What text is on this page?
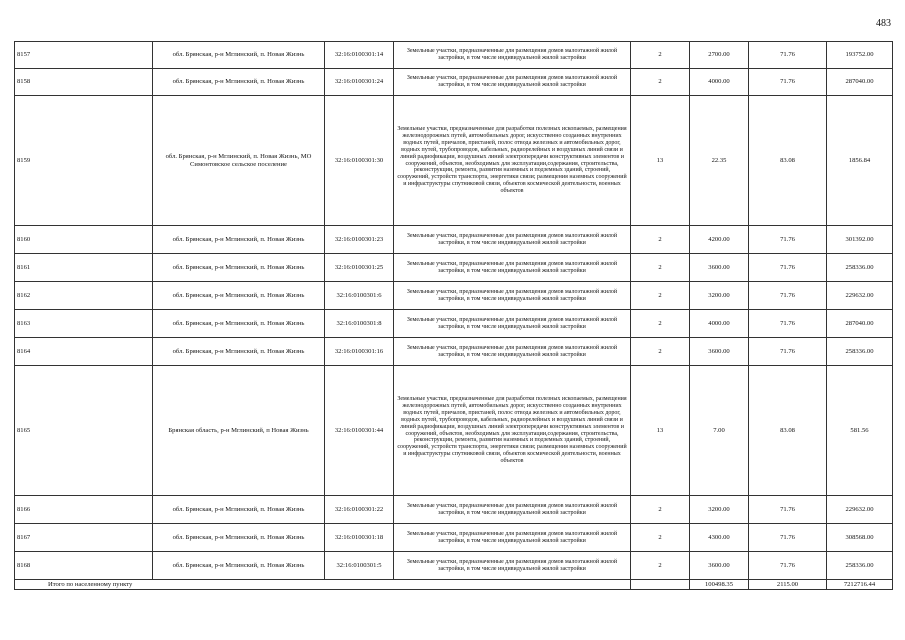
483
8157	обл. Брянская, р-н Мглинский, п. Новая Жизнь	32:16:0100301:14	Земельные участки, предназначенные для размещения домов малоэтажной жилой застройки, в том числе индивидуальной жилой застройки	2	2700.00	71.76	193752.00
8158	обл. Брянская, р-н Мглинский, п. Новая Жизнь	32:16:0100301:24	Земельные участки, предназначенные для размещения домов малоэтажной жилой застройки, в том числе индивидуальной жилой застройки	2	4000.00	71.76	287040.00
8159	обл. Брянская, р-н Мглинский, п. Новая Жизнь, МО Симонтовское сельское поселение	32:16:0100301:30	Земельные участки, предназначенные для разработки полезных ископаемых, размещения железнодорожных путей, автомобильных дорог, искусственно созданных внутренних водных путей, причалов, пристаней, полос отвода железных и автомобильных дорог, водных путей, трубопроводов, кабельных, радиорелейных и воздушных линий связи и линий радиофикации, воздушных линий электропередачи конструктивных элементов и сооружений, объектов, необходимых для эксплуатации,содержания, строительства, реконструкции, ремонта, развития наземных и подземных зданий, строений, сооружений, устройств транспорта, энергетики связи; размещения наземных сооружений и инфраструктуры спутниковой связи, объектов космической деятельности, военных объектов	13	22.35	83.08	1856.84
8160	обл. Брянская, р-н Мглинский, п. Новая Жизнь	32:16:0100301:23	Земельные участки, предназначенные для размещения домов малоэтажной жилой застройки, в том числе индивидуальной жилой застройки	2	4200.00	71.76	301392.00
8161	обл. Брянская, р-н Мглинский, п. Новая Жизнь	32:16:0100301:25	Земельные участки, предназначенные для размещения домов малоэтажной жилой застройки, в том числе индивидуальной жилой застройки	2	3600.00	71.76	258336.00
8162	обл. Брянская, р-н Мглинский, п. Новая Жизнь	32:16:0100301:6	Земельные участки, предназначенные для размещения домов малоэтажной жилой застройки, в том числе индивидуальной жилой застройки	2	3200.00	71.76	229632.00
8163	обл. Брянская, р-н Мглинский, п. Новая Жизнь	32:16:0100301:8	Земельные участки, предназначенные для размещения домов малоэтажной жилой застройки, в том числе индивидуальной жилой застройки	2	4000.00	71.76	287040.00
8164	обл. Брянская, р-н Мглинский, п. Новая Жизнь	32:16:0100301:16	Земельные участки, предназначенные для размещения домов малоэтажной жилой застройки, в том числе индивидуальной жилой застройки	2	3600.00	71.76	258336.00
8165	Брянская область, р-н Мглинский, п Новая Жизнь	32:16:0100301:44	Земельные участки, предназначенные для разработки полезных ископаемых, размещения железнодорожных путей, автомобильных дорог, искусственно созданных внутренних водных путей, причалов, пристаней, полос отвода железных и автомобильных дорог, водных путей, трубопроводов, кабельных, радиорелейных и воздушных линий связи и линий радиофикации, воздушных линий электропередачи конструктивных элементов и сооружений, объектов, необходимых для эксплуатации,содержания, строительства, реконструкции, ремонта, развития наземных и подземных зданий, строений, сооружений, устройств транспорта, энергетики связи; размещения наземных сооружений и инфраструктуры спутниковой связи, объектов космической деятельности, военных объектов	13	7.00	83.08	581.56
8166	обл. Брянская, р-н Мглинский, п. Новая Жизнь	32:16:0100301:22	Земельные участки, предназначенные для размещения домов малоэтажной жилой застройки, в том числе индивидуальной жилой застройки	2	3200.00	71.76	229632.00
8167	обл. Брянская, р-н Мглинский, п. Новая Жизнь	32:16:0100301:18	Земельные участки, предназначенные для размещения домов малоэтажной жилой застройки, в том числе индивидуальной жилой застройки	2	4300.00	71.76	308568.00
8168	обл. Брянская, р-н Мглинский, п. Новая Жизнь	32:16:0100301:5	Земельные участки, предназначенные для размещения домов малоэтажной жилой застройки, в том числе индивидуальной жилой застройки	2	3600.00	71.76	258336.00
Итого по населенному пункту					100498.35	2115.00	7212716.44
